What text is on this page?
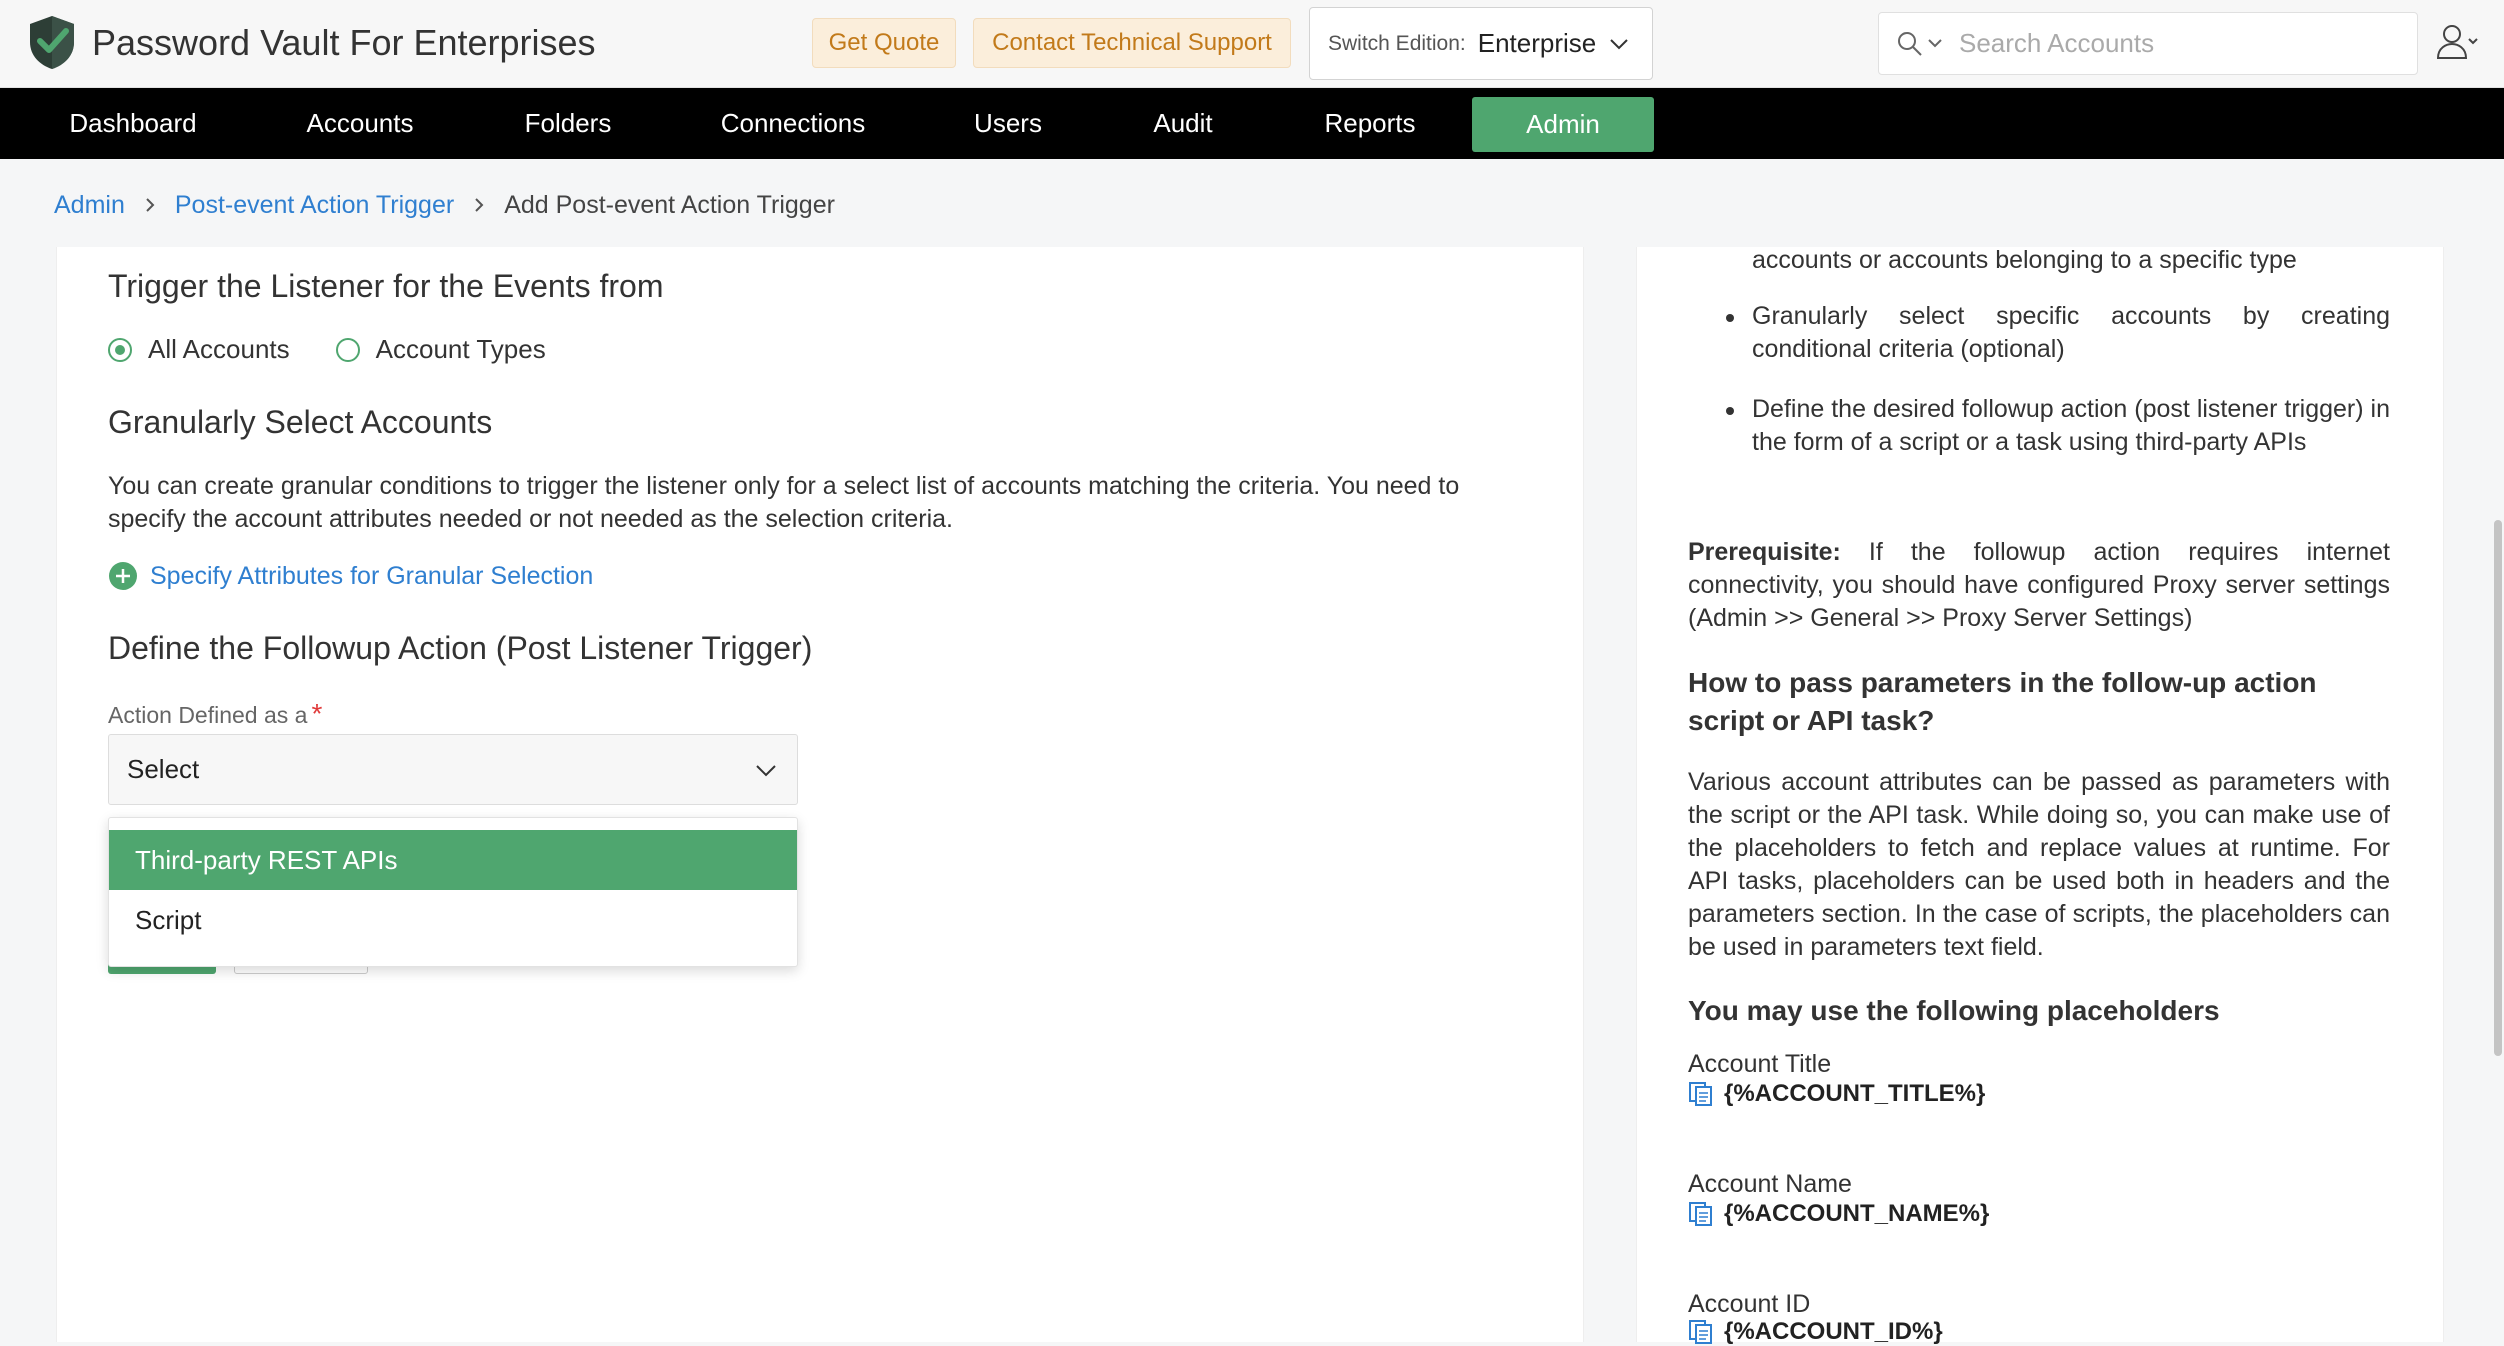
Password Vault For Enterprises	Get Quote	Contact Technical Support	Switch Edition: Enterprise
Search Accounts
Dashboard	Accounts	Folders	Connections	Users	Audit	Reports	Admin
Admin Post-event Action Trigger Add Post-event Action Trigger
Trigger the Listener for the Events from
All Accounts	Account Types
Granularly Select Accounts
You can create granular conditions to trigger the listener only for a select list of accounts matching the criteria. You need to specify the account attributes needed or not needed as the selection criteria.
Specify Attributes for Granular Selection
Define the Followup Action (Post Listener Trigger)
Action Defined as a *
Select
Third-party REST APIs
Script
accounts or accounts belonging to a specific type
Granularly select specific accounts by creating conditional criteria (optional)
Define the desired followup action (post listener trigger) in the form of a script or a task using third-party APIs
Prerequisite: If the followup action requires internet connectivity, you should have configured Proxy server settings (Admin >> General >> Proxy Server Settings)
How to pass parameters in the follow-up action script or API task?
Various account attributes can be passed as parameters with the script or the API task. While doing so, you can make use of the placeholders to fetch and replace values at runtime. For API tasks, placeholders can be used both in headers and the parameters section. In the case of scripts, the placeholders can be used in parameters text field.
You may use the following placeholders
Account Title
{%ACCOUNT_TITLE%}
Account Name
{%ACCOUNT_NAME%}
Account ID
{%ACCOUNT_ID%}
